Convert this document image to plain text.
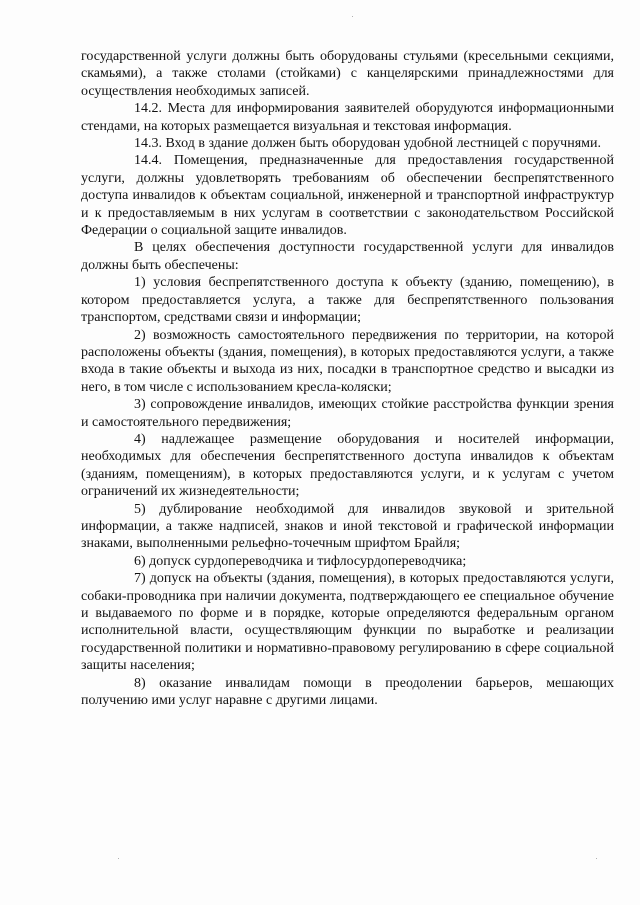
государственной услуги должны быть оборудованы стульями (кресельными секциями, скамьями), а также столами (стойками) с канцелярскими принадлежностями для осуществления необходимых записей.

14.2. Места для информирования заявителей оборудуются информационными стендами, на которых размещается визуальная и текстовая информация.

14.3. Вход в здание должен быть оборудован удобной лестницей с поручнями.

14.4. Помещения, предназначенные для предоставления государственной услуги, должны удовлетворять требованиям об обеспечении беспрепятственного доступа инвалидов к объектам социальной, инженерной и транспортной инфраструктур и к предоставляемым в них услугам в соответствии с законодательством Российской Федерации о социальной защите инвалидов.

В целях обеспечения доступности государственной услуги для инвалидов должны быть обеспечены:

1) условия беспрепятственного доступа к объекту (зданию, помещению), в котором предоставляется услуга, а также для беспрепятственного пользования транспортом, средствами связи и информации;

2) возможность самостоятельного передвижения по территории, на которой расположены объекты (здания, помещения), в которых предоставляются услуги, а также входа в такие объекты и выхода из них, посадки в транспортное средство и высадки из него, в том числе с использованием кресла-коляски;

3) сопровождение инвалидов, имеющих стойкие расстройства функции зрения и самостоятельного передвижения;

4) надлежащее размещение оборудования и носителей информации, необходимых для обеспечения беспрепятственного доступа инвалидов к объектам (зданиям, помещениям), в которых предоставляются услуги, и к услугам с учетом ограничений их жизнедеятельности;

5) дублирование необходимой для инвалидов звуковой и зрительной информации, а также надписей, знаков и иной текстовой и графической информации знаками, выполненными рельефно-точечным шрифтом Брайля;

6) допуск сурдопереводчика и тифлосурдопереводчика;

7) допуск на объекты (здания, помещения), в которых предоставляются услуги, собаки-проводника при наличии документа, подтверждающего ее специальное обучение и выдаваемого по форме и в порядке, которые определяются федеральным органом исполнительной власти, осуществляющим функции по выработке и реализации государственной политики и нормативно-правовому регулированию в сфере социальной защиты населения;

8) оказание инвалидам помощи в преодолении барьеров, мешающих получению ими услуг наравне с другими лицами.
